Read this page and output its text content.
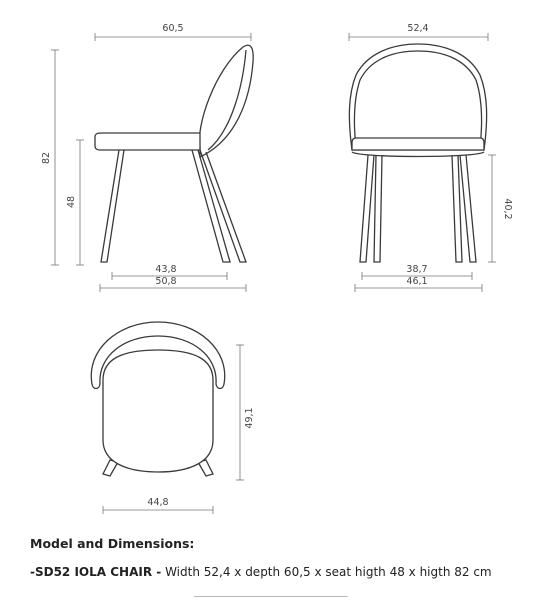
60,5
82
48
43,8
50,8
52,4
40,2
38,7
46,1
49,1
44,8
Model and Dimensions:
-SD52 IOLA CHAIR - Width 52,4 x depth 60,5 x seat higth 48 x higth 82 cm
